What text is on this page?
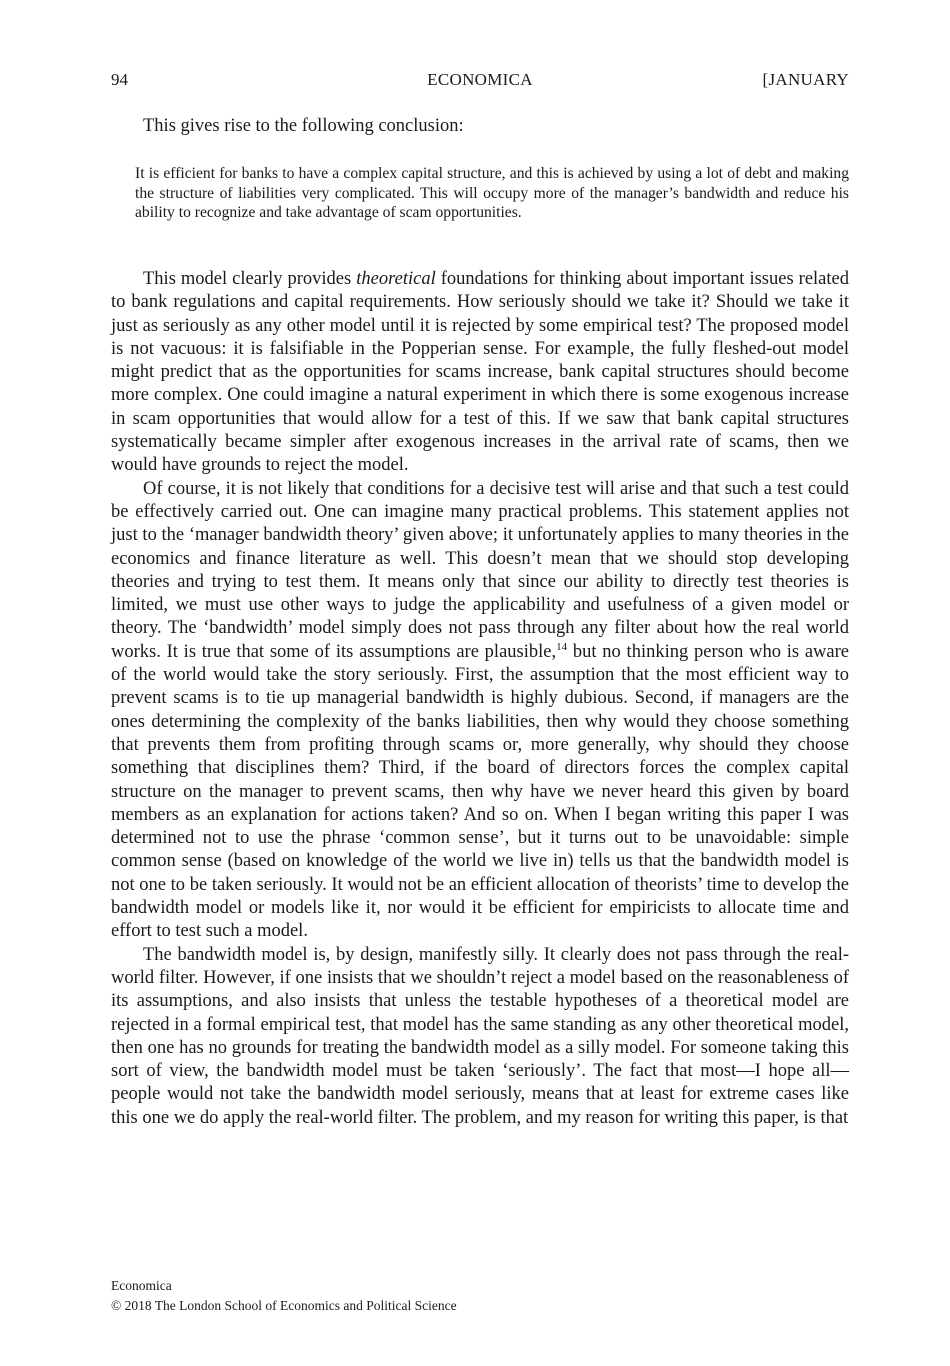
94	ECONOMICA	[JANUARY
This gives rise to the following conclusion:
It is efficient for banks to have a complex capital structure, and this is achieved by using a lot of debt and making the structure of liabilities very complicated. This will occupy more of the manager’s bandwidth and reduce his ability to recognize and take advantage of scam opportunities.

This model clearly provides theoretical foundations for thinking about important issues related to bank regulations and capital requirements. How seriously should we take it? Should we take it just as seriously as any other model until it is rejected by some empirical test? The proposed model is not vacuous: it is falsifiable in the Popperian sense. For example, the fully fleshed-out model might predict that as the opportunities for scams increase, bank capital structures should become more complex. One could imagine a natural experiment in which there is some exogenous increase in scam opportunities that would allow for a test of this. If we saw that bank capital structures systematically became simpler after exogenous increases in the arrival rate of scams, then we would have grounds to reject the model.

Of course, it is not likely that conditions for a decisive test will arise and that such a test could be effectively carried out. One can imagine many practical problems. This statement applies not just to the ‘manager bandwidth theory’ given above; it unfortunately applies to many theories in the economics and finance literature as well. This doesn’t mean that we should stop developing theories and trying to test them. It means only that since our ability to directly test theories is limited, we must use other ways to judge the applicability and usefulness of a given model or theory. The ‘bandwidth’ model simply does not pass through any filter about how the real world works. It is true that some of its assumptions are plausible,$^{14}$ but no thinking person who is aware of the world would take the story seriously. First, the assumption that the most efficient way to prevent scams is to tie up managerial bandwidth is highly dubious. Second, if managers are the ones determining the complexity of the banks liabilities, then why would they choose something that prevents them from profiting through scams or, more generally, why should they choose something that disciplines them? Third, if the board of directors forces the complex capital structure on the manager to prevent scams, then why have we never heard this given by board members as an explanation for actions taken? And so on. When I began writing this paper I was determined not to use the phrase ‘common sense’, but it turns out to be unavoidable: simple common sense (based on knowledge of the world we live in) tells us that the bandwidth model is not one to be taken seriously. It would not be an efficient allocation of theorists’ time to develop the bandwidth model or models like it, nor would it be efficient for empiricists to allocate time and effort to test such a model.

The bandwidth model is, by design, manifestly silly. It clearly does not pass through the real-world filter. However, if one insists that we shouldn’t reject a model based on the reasonableness of its assumptions, and also insists that unless the testable hypotheses of a theoretical model are rejected in a formal empirical test, that model has the same standing as any other theoretical model, then one has no grounds for treating the bandwidth model as a silly model. For someone taking this sort of view, the bandwidth model must be taken ‘seriously’. The fact that most—I hope all—people would not take the bandwidth model seriously, means that at least for extreme cases like this one we do apply the real-world filter. The problem, and my reason for writing this paper, is that

Economica
© 2018 The London School of Economics and Political Science
